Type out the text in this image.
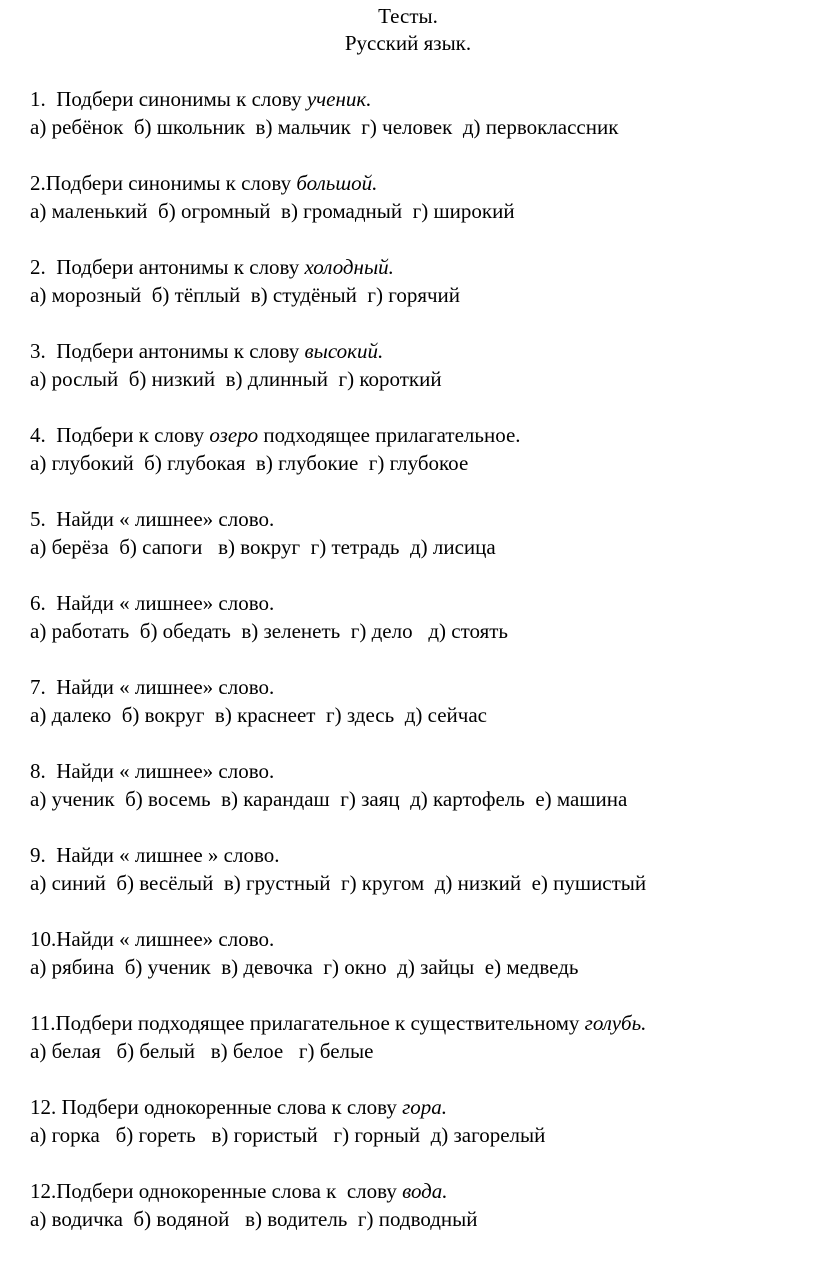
Тесты.
Русский язык.
1.  Подбери синонимы к слову ученик.
а) ребёнок  б) школьник  в) мальчик  г) человек  д) первоклассник
2.Подбери синонимы к слову большой.
а) маленький  б) огромный  в) громадный  г) широкий
2.  Подбери антонимы к слову холодный.
а) морозный  б) тёплый  в) студёный  г) горячий
3.  Подбери антонимы к слову высокий.
а) рослый  б) низкий  в) длинный  г) короткий
4.  Подбери к слову озеро подходящее прилагательное.
а) глубокий  б) глубокая  в) глубокие  г) глубокое
5.  Найди « лишнее» слово.
а) берёза  б) сапоги   в) вокруг  г) тетрадь  д) лисица
6.  Найди « лишнее» слово.
а) работать  б) обедать  в) зеленеть  г) дело   д) стоять
7.  Найди « лишнее» слово.
а) далеко  б) вокруг  в) краснеет  г) здесь  д) сейчас
8.  Найди « лишнее» слово.
а) ученик  б) восемь  в) карандаш  г) заяц  д) картофель  е) машина
9.  Найди « лишнее » слово.
а) синий  б) весёлый  в) грустный  г) кругом  д) низкий  е) пушистый
10.Найди « лишнее» слово.
а) рябина  б) ученик  в) девочка  г) окно  д) зайцы  е) медведь
11.Подбери подходящее прилагательное к существительному голубь.
а) белая   б) белый   в) белое   г) белые
12. Подбери однокоренные слова к слову гора.
а) горка   б) гореть   в) гористый   г) горный  д) загорелый
12.Подбери однокоренные слова к  слову вода.
а) водичка  б) водяной   в) водитель  г) подводный
